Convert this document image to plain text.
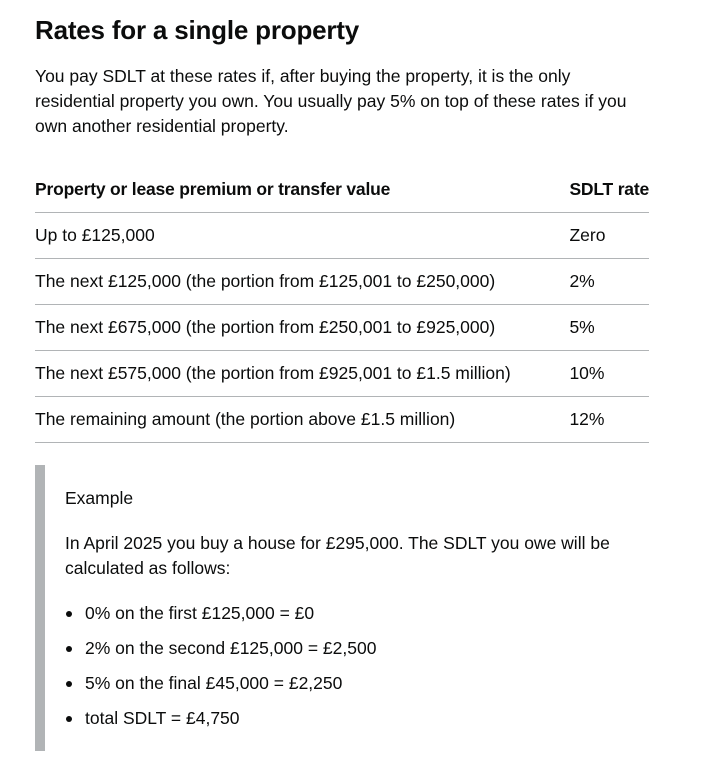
Rates for a single property

You pay SDLT at these rates if, after buying the property, it is the only residential property you own. You usually pay 5% on top of these rates if you own another residential property.

Property or lease premium or transfer value	SDLT rate
Up to £125,000	Zero
The next £125,000 (the portion from £125,001 to £250,000)	2%
The next £675,000 (the portion from £250,001 to £925,000)	5%
The next £575,000 (the portion from £925,001 to £1.5 million)	10%
The remaining amount (the portion above £1.5 million)	12%

Example

In April 2025 you buy a house for £295,000. The SDLT you owe will be calculated as follows:

0% on the first £125,000 = £0
2% on the second £125,000 = £2,500
5% on the final £45,000 = £2,250
total SDLT = £4,750
